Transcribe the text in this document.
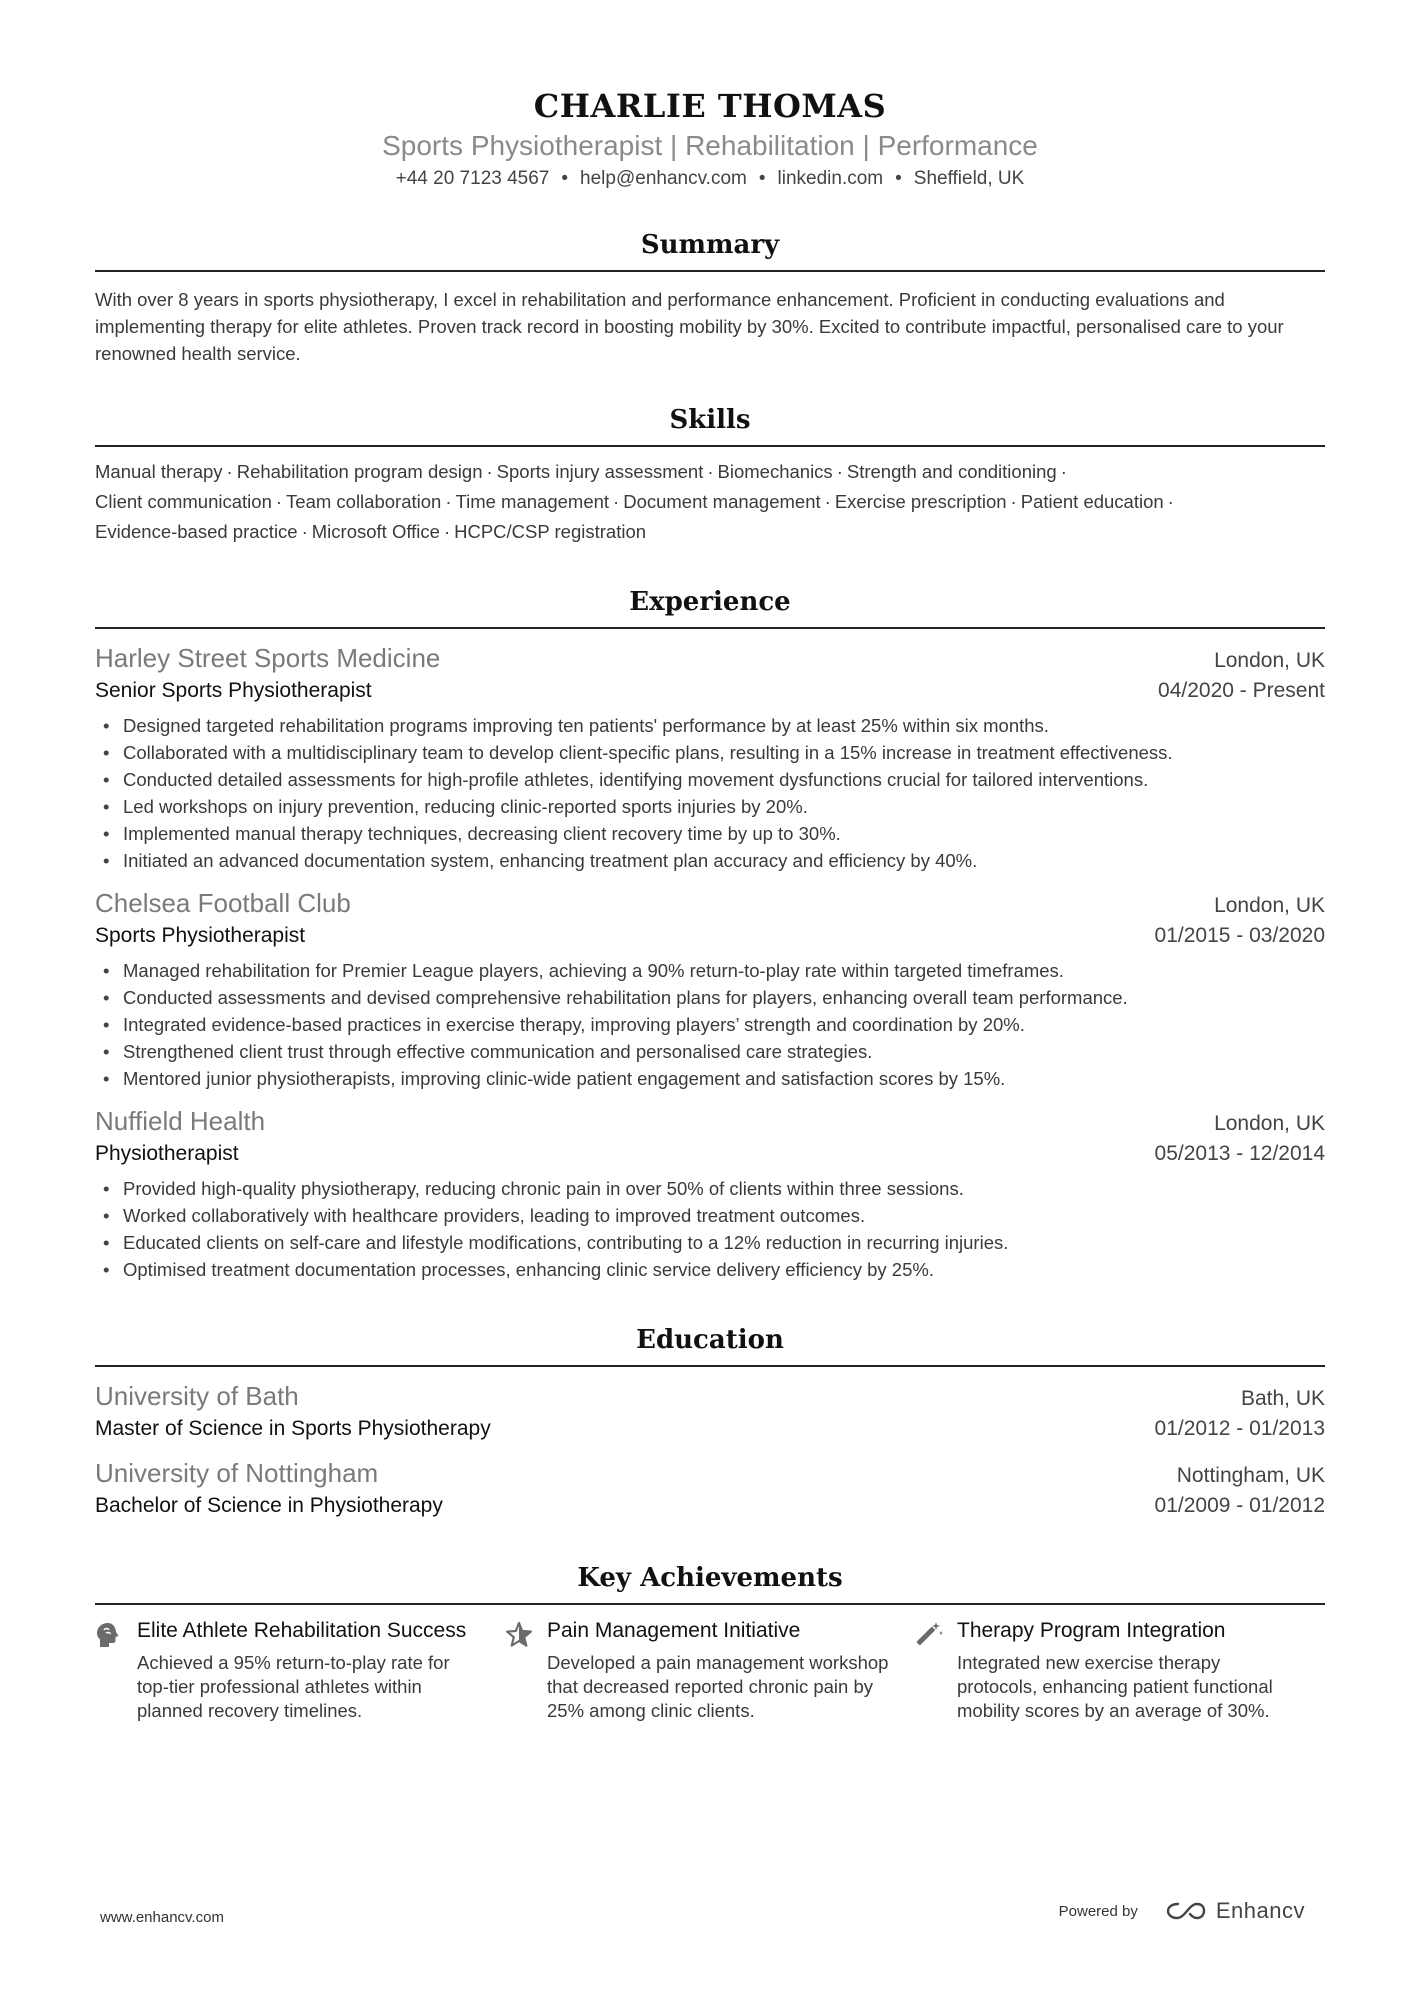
CHARLIE THOMAS
Sports Physiotherapist | Rehabilitation | Performance
+44 20 7123 4567 • help@enhancv.com • linkedin.com • Sheffield, UK
Summary
With over 8 years in sports physiotherapy, I excel in rehabilitation and performance enhancement. Proficient in conducting evaluations and implementing therapy for elite athletes. Proven track record in boosting mobility by 30%. Excited to contribute impactful, personalised care to your renowned health service.
Skills
Manual therapy · Rehabilitation program design · Sports injury assessment · Biomechanics · Strength and conditioning ·
Client communication · Team collaboration · Time management · Document management · Exercise prescription · Patient education ·
Evidence-based practice · Microsoft Office · HCPC/CSP registration
Experience
Harley Street Sports Medicine	London, UK
Senior Sports Physiotherapist	04/2020 - Present
• Designed targeted rehabilitation programs improving ten patients' performance by at least 25% within six months.
• Collaborated with a multidisciplinary team to develop client-specific plans, resulting in a 15% increase in treatment effectiveness.
• Conducted detailed assessments for high-profile athletes, identifying movement dysfunctions crucial for tailored interventions.
• Led workshops on injury prevention, reducing clinic-reported sports injuries by 20%.
• Implemented manual therapy techniques, decreasing client recovery time by up to 30%.
• Initiated an advanced documentation system, enhancing treatment plan accuracy and efficiency by 40%.
Chelsea Football Club	London, UK
Sports Physiotherapist	01/2015 - 03/2020
• Managed rehabilitation for Premier League players, achieving a 90% return-to-play rate within targeted timeframes.
• Conducted assessments and devised comprehensive rehabilitation plans for players, enhancing overall team performance.
• Integrated evidence-based practices in exercise therapy, improving players’ strength and coordination by 20%.
• Strengthened client trust through effective communication and personalised care strategies.
• Mentored junior physiotherapists, improving clinic-wide patient engagement and satisfaction scores by 15%.
Nuffield Health	London, UK
Physiotherapist	05/2013 - 12/2014
• Provided high-quality physiotherapy, reducing chronic pain in over 50% of clients within three sessions.
• Worked collaboratively with healthcare providers, leading to improved treatment outcomes.
• Educated clients on self-care and lifestyle modifications, contributing to a 12% reduction in recurring injuries.
• Optimised treatment documentation processes, enhancing clinic service delivery efficiency by 25%.
Education
University of Bath	Bath, UK
Master of Science in Sports Physiotherapy	01/2012 - 01/2013
University of Nottingham	Nottingham, UK
Bachelor of Science in Physiotherapy	01/2009 - 01/2012
Key Achievements
Elite Athlete Rehabilitation Success
Achieved a 95% return-to-play rate for top-tier professional athletes within planned recovery timelines.
Pain Management Initiative
Developed a pain management workshop that decreased reported chronic pain by 25% among clinic clients.
Therapy Program Integration
Integrated new exercise therapy protocols, enhancing patient functional mobility scores by an average of 30%.
www.enhancv.com	Powered by	Enhancv
